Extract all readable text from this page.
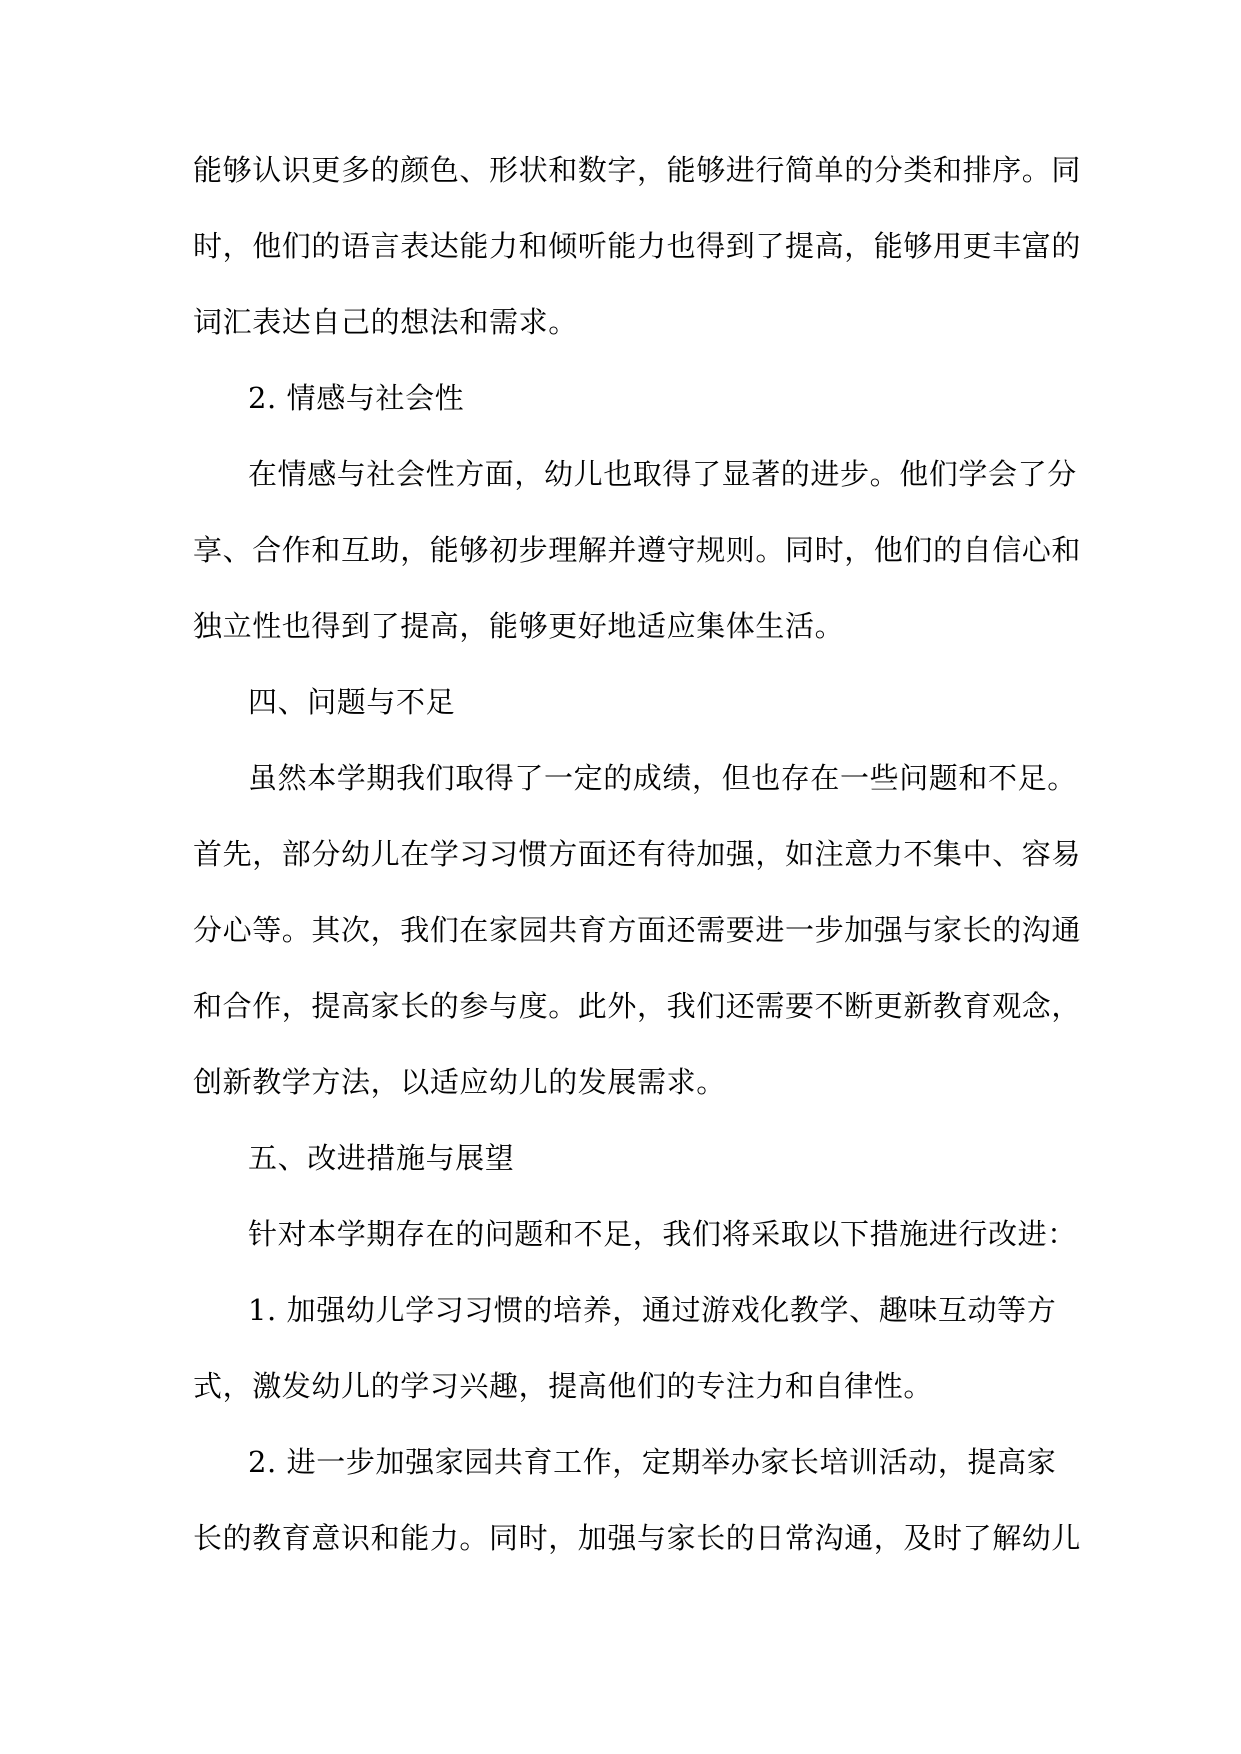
能够认识更多的颜色、形状和数字，能够进行简单的分类和排序。同
时，他们的语言表达能力和倾听能力也得到了提高，能够用更丰富的
词汇表达自己的想法和需求。
2. 情感与社会性
在情感与社会性方面，幼儿也取得了显著的进步。他们学会了分
享、合作和互助，能够初步理解并遵守规则。同时，他们的自信心和
独立性也得到了提高，能够更好地适应集体生活。
四、问题与不足
虽然本学期我们取得了一定的成绩，但也存在一些问题和不足。
首先，部分幼儿在学习习惯方面还有待加强，如注意力不集中、容易
分心等。其次，我们在家园共育方面还需要进一步加强与家长的沟通
和合作，提高家长的参与度。此外，我们还需要不断更新教育观念，
创新教学方法，以适应幼儿的发展需求。
五、改进措施与展望
针对本学期存在的问题和不足，我们将采取以下措施进行改进：
1. 加强幼儿学习习惯的培养，通过游戏化教学、趣味互动等方
式，激发幼儿的学习兴趣，提高他们的专注力和自律性。
2. 进一步加强家园共育工作，定期举办家长培训活动，提高家
长的教育意识和能力。同时，加强与家长的日常沟通，及时了解幼儿
